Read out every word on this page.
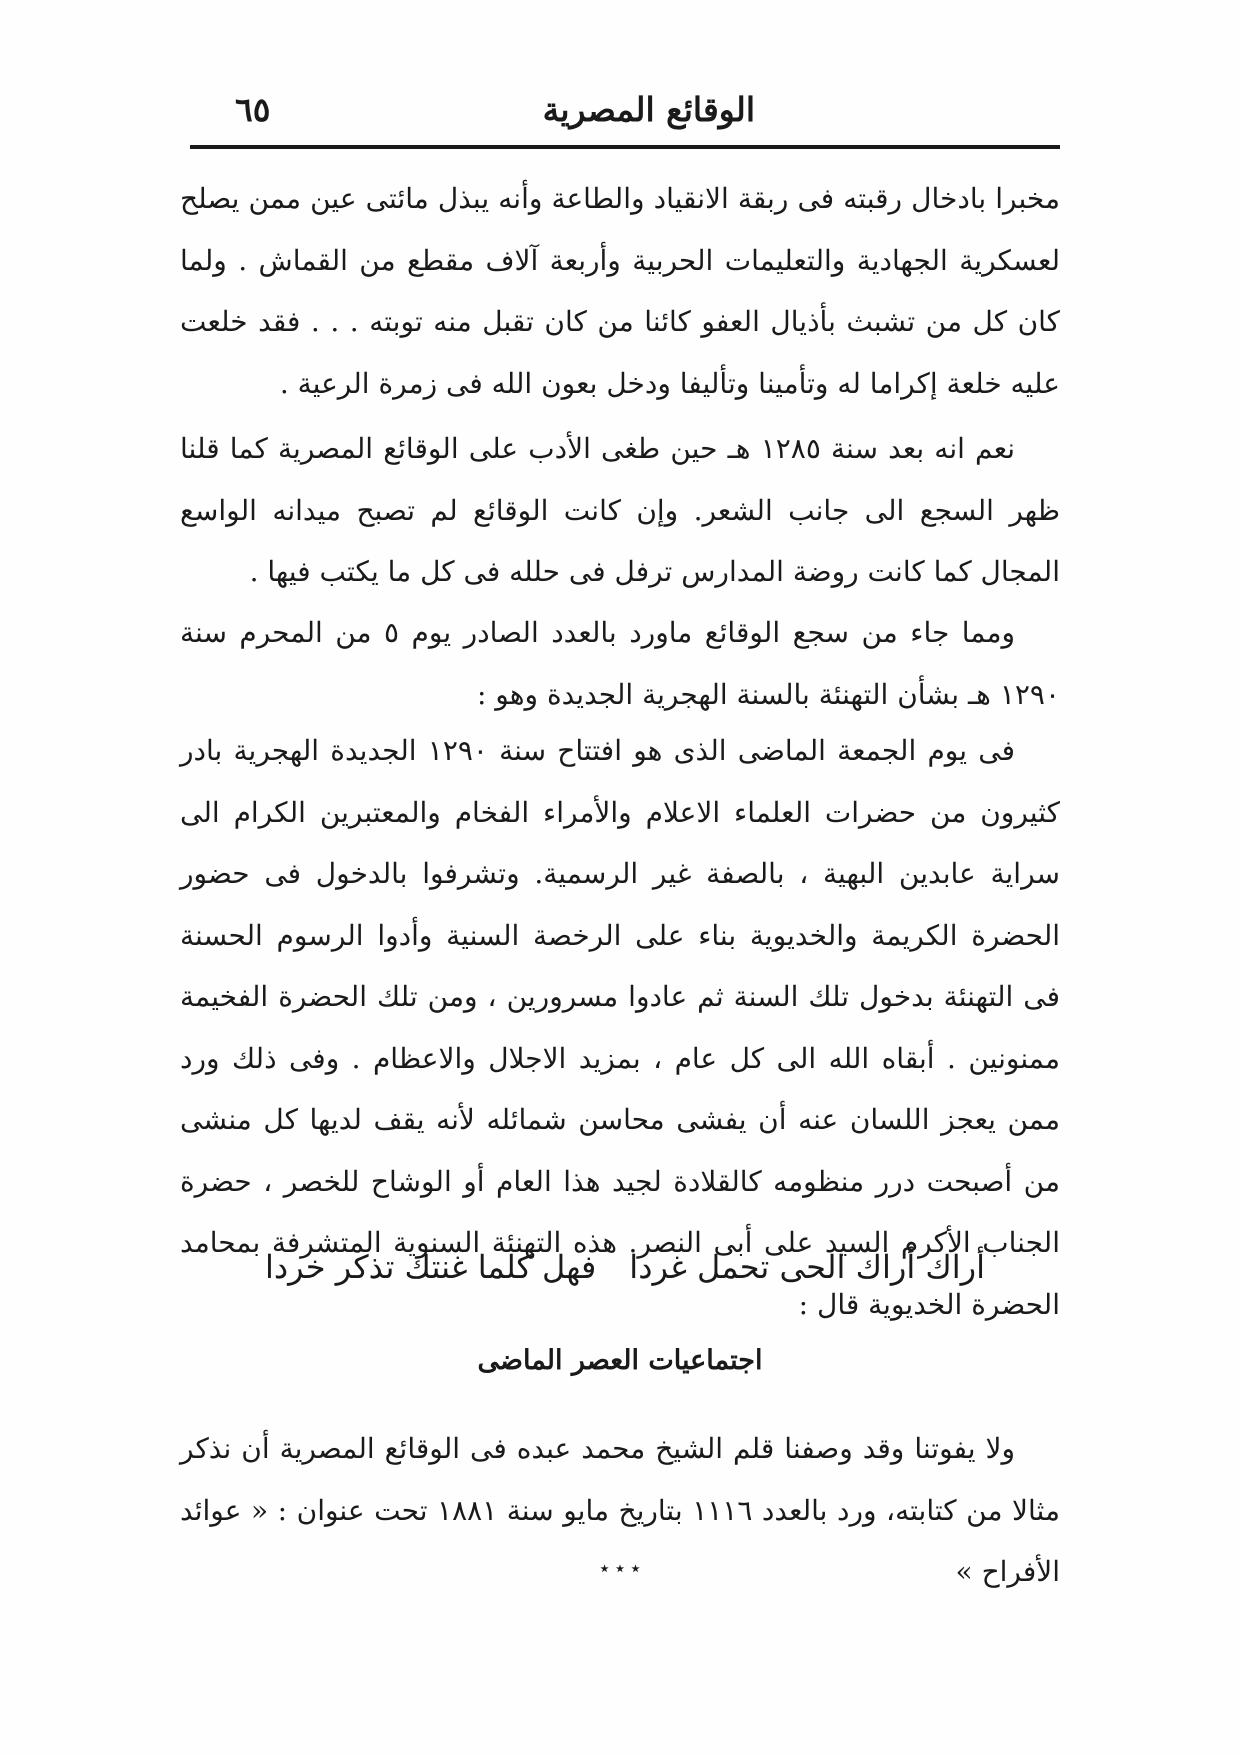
الوقائع المصرية
٦٥

مخبرا بادخال رقبته فى ربقة الانقياد والطاعة وأنه يبذل مائتى عين ممن يصلح لعسكرية الجهادية والتعليمات الحربية وأربعة آلاف مقطع من القماش . ولما كان كل من تشبث بأذيال العفو كائنا من كان تقبل منه توبته . . . فقد خلعت عليه خلعة إكراما له وتأمينا وتأليفا ودخل بعون الله فى زمرة الرعية .

نعم انه بعد سنة ١٢٨٥ هـ حين طغى الأدب على الوقائع المصرية كما قلنا ظهر السجع الى جانب الشعر. وإن كانت الوقائع لم تصبح ميدانه الواسع المجال كما كانت روضة المدارس ترفل فى حلله فى كل ما يكتب فيها .

ومما جاء من سجع الوقائع ماورد بالعدد الصادر يوم ٥ من المحرم سنة ١٢٩٠ هـ بشأن التهنئة بالسنة الهجرية الجديدة وهو :

فى يوم الجمعة الماضى الذى هو افتتاح سنة ١٢٩٠ الجديدة الهجرية بادر كثيرون من حضرات العلماء الاعلام والأمراء الفخام والمعتبرين الكرام الى سراية عابدين البهية ، بالصفة غير الرسمية. وتشرفوا بالدخول فى حضور الحضرة الكريمة والخديوية بناء على الرخصة السنية وأدوا الرسوم الحسنة فى التهنئة بدخول تلك السنة ثم عادوا مسرورين ، ومن تلك الحضرة الفخيمة ممنونين . أبقاه الله الى كل عام ، بمزيد الاجلال والاعظام . وفى ذلك ورد ممن يعجز اللسان عنه أن يفشى محاسن شمائله لأنه يقف لديها كل منشى من أصبحت درر منظومه كالقلادة لجيد هذا العام أو الوشاح للخصر ، حضرة الجناب الأكرم السيد على أبى النصر. هذه التهنئة السنوية المتشرفة بمحامد الحضرة الخديوية قال :

أراك أراك الحى تحمل غردا
فهل كلما غنتك تذكر خردا
اجتماعيات العصر الماضى

ولا يفوتنا وقد وصفنا قلم الشيخ محمد عبده فى الوقائع المصرية أن نذكر مثالا من كتابته، ورد بالعدد ١١١٦ بتاريخ مايو سنة ١٨٨١ تحت عنوان : « عوائد الأفراح »

٭ ٭ ٭
